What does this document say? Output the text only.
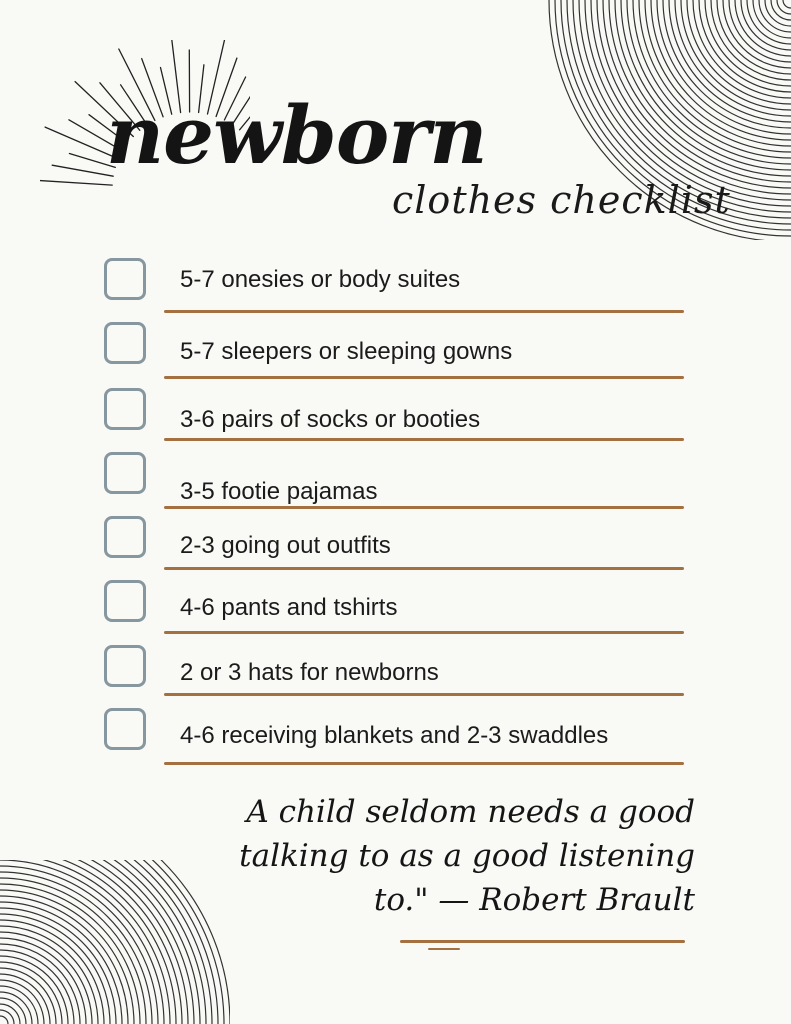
newborn
clothes checklist
5-7 onesies or body suites
5-7 sleepers or sleeping gowns
3-6 pairs of socks or booties
3-5 footie pajamas
2-3 going out outfits
4-6 pants and tshirts
2 or 3 hats for newborns
4-6 receiving blankets and 2-3 swaddles
A child seldom needs a good
talking to as a good listening
to." — Robert Brault
